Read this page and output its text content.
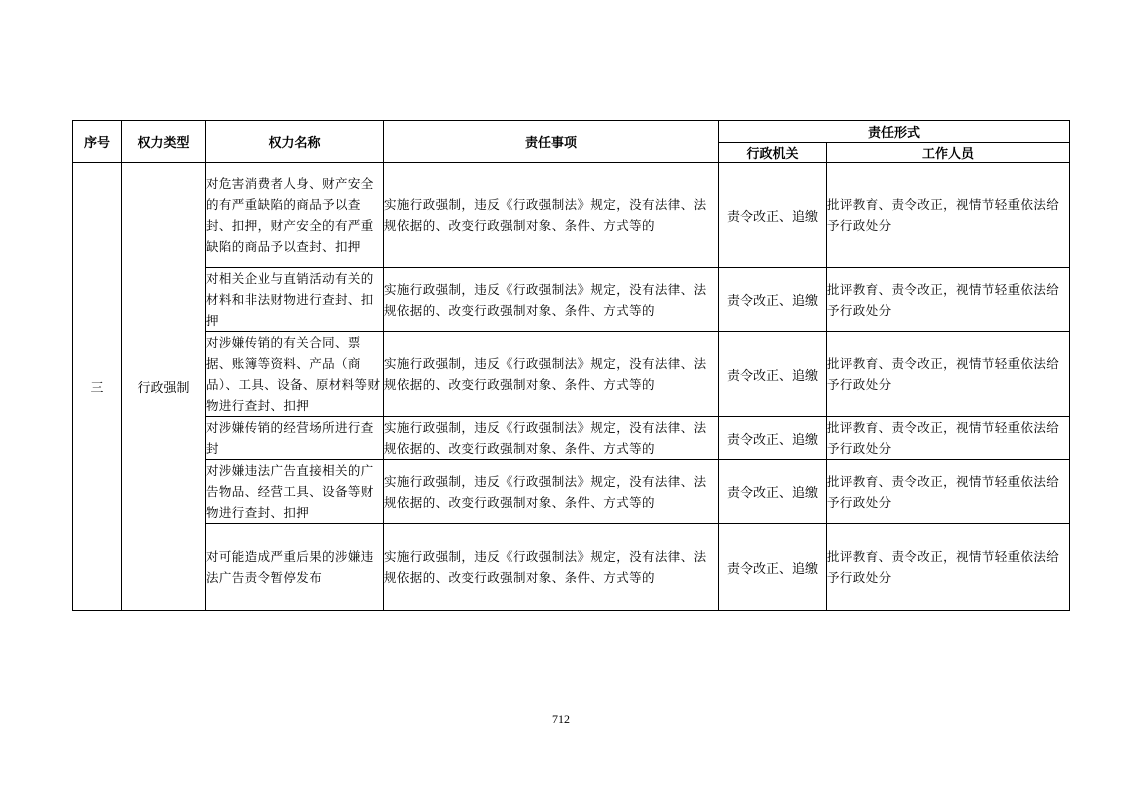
序号	权力类型	权力名称	责任事项	责任形式	
				行政机关	工作人员
三	行政强制	对危害消费者人身、财产安全的有严重缺陷的商品予以查封、扣押，财产安全的有严重缺陷的商品予以查封、扣押	实施行政强制，违反《行政强制法》规定，没有法律、法规依据的、改变行政强制对象、条件、方式等的	责令改正、追缴	批评教育、责令改正，视情节轻重依法给予行政处分
		对相关企业与直销活动有关的材料和非法财物进行查封、扣押	实施行政强制，违反《行政强制法》规定，没有法律、法规依据的、改变行政强制对象、条件、方式等的	责令改正、追缴	批评教育、责令改正，视情节轻重依法给予行政处分
		对涉嫌传销的有关合同、票据、账簿等资料、产品（商品）、工具、设备、原材料等财物进行查封、扣押	实施行政强制，违反《行政强制法》规定，没有法律、法规依据的、改变行政强制对象、条件、方式等的	责令改正、追缴	批评教育、责令改正，视情节轻重依法给予行政处分
		对涉嫌传销的经营场所进行查封	实施行政强制，违反《行政强制法》规定，没有法律、法规依据的、改变行政强制对象、条件、方式等的	责令改正、追缴	批评教育、责令改正，视情节轻重依法给予行政处分
		对涉嫌违法广告直接相关的广告物品、经营工具、设备等财物进行查封、扣押	实施行政强制，违反《行政强制法》规定，没有法律、法规依据的、改变行政强制对象、条件、方式等的	责令改正、追缴	批评教育、责令改正，视情节轻重依法给予行政处分
		对可能造成严重后果的涉嫌违法广告责令暂停发布	实施行政强制，违反《行政强制法》规定，没有法律、法规依据的、改变行政强制对象、条件、方式等的	责令改正、追缴	批评教育、责令改正，视情节轻重依法给予行政处分
712
